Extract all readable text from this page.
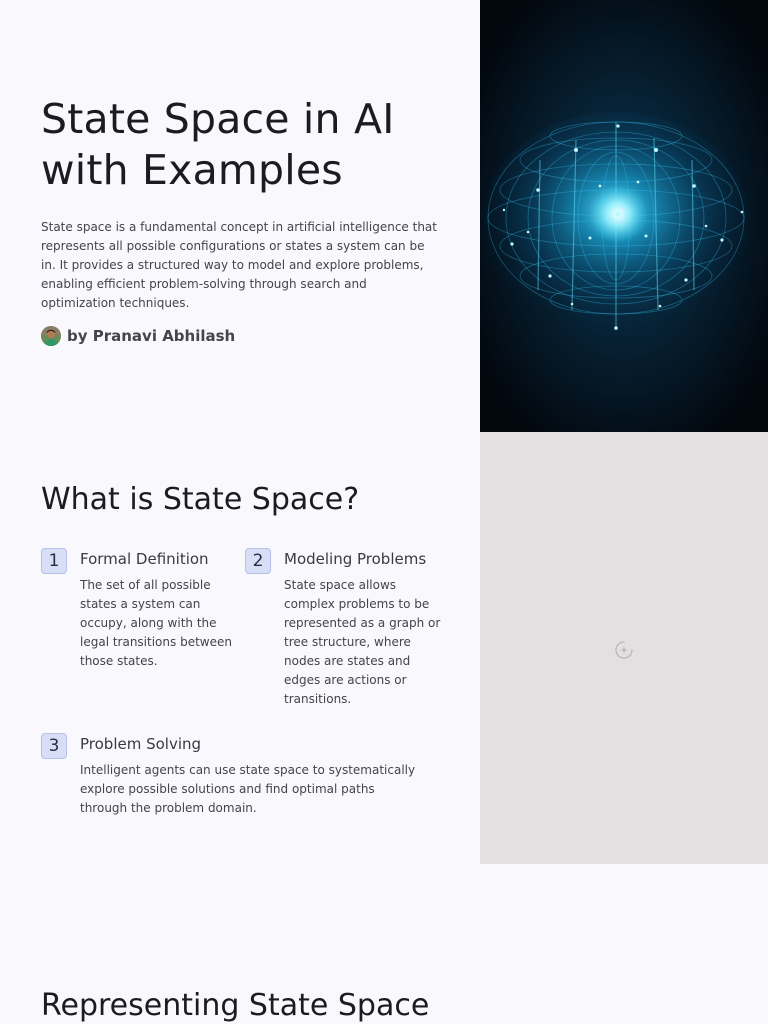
State Space in AI
with Examples

State space is a fundamental concept in artificial intelligence that represents all possible configurations or states a system can be in. It provides a structured way to model and explore problems, enabling efficient problem-solving through search and optimization techniques.

by Pranavi Abhilash
What is State Space?
1	Formal Definition
The set of all possible states a system can occupy, along with the legal transitions between those states.
2	Modeling Problems
State space allows complex problems to be represented as a graph or tree structure, where nodes are states and edges are actions or transitions.
3	Problem Solving
Intelligent agents can use state space to systematically explore possible solutions and find optimal paths through the problem domain.
Representing State Space
